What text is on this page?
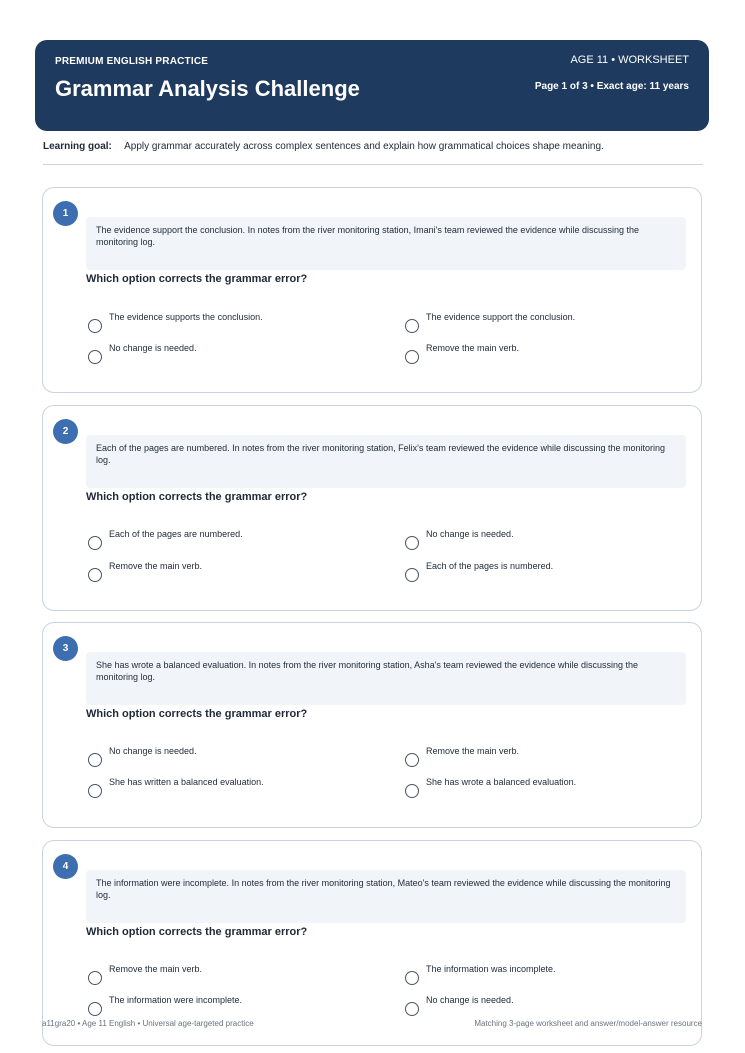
PREMIUM ENGLISH PRACTICE
Grammar Analysis Challenge
AGE 11 • WORKSHEET
Page 1 of 3 • Exact age: 11 years
Learning goal: Apply grammar accurately across complex sentences and explain how grammatical choices shape meaning.
1
The evidence support the conclusion. In notes from the river monitoring station, Imani's team reviewed the evidence while discussing the monitoring log.
Which option corrects the grammar error?
The evidence supports the conclusion.	The evidence support the conclusion.
No change is needed.	Remove the main verb.
2
Each of the pages are numbered. In notes from the river monitoring station, Felix's team reviewed the evidence while discussing the monitoring log.
Which option corrects the grammar error?
Each of the pages are numbered.	No change is needed.
Remove the main verb.	Each of the pages is numbered.
3
She has wrote a balanced evaluation. In notes from the river monitoring station, Asha's team reviewed the evidence while discussing the monitoring log.
Which option corrects the grammar error?
No change is needed.	Remove the main verb.
She has written a balanced evaluation.	She has wrote a balanced evaluation.
4
The information were incomplete. In notes from the river monitoring station, Mateo's team reviewed the evidence while discussing the monitoring log.
Which option corrects the grammar error?
Remove the main verb.	The information was incomplete.
The information were incomplete.	No change is needed.
a11gra20 • Age 11 English • Universal age-targeted practice	Matching 3-page worksheet and answer/model-answer resource
